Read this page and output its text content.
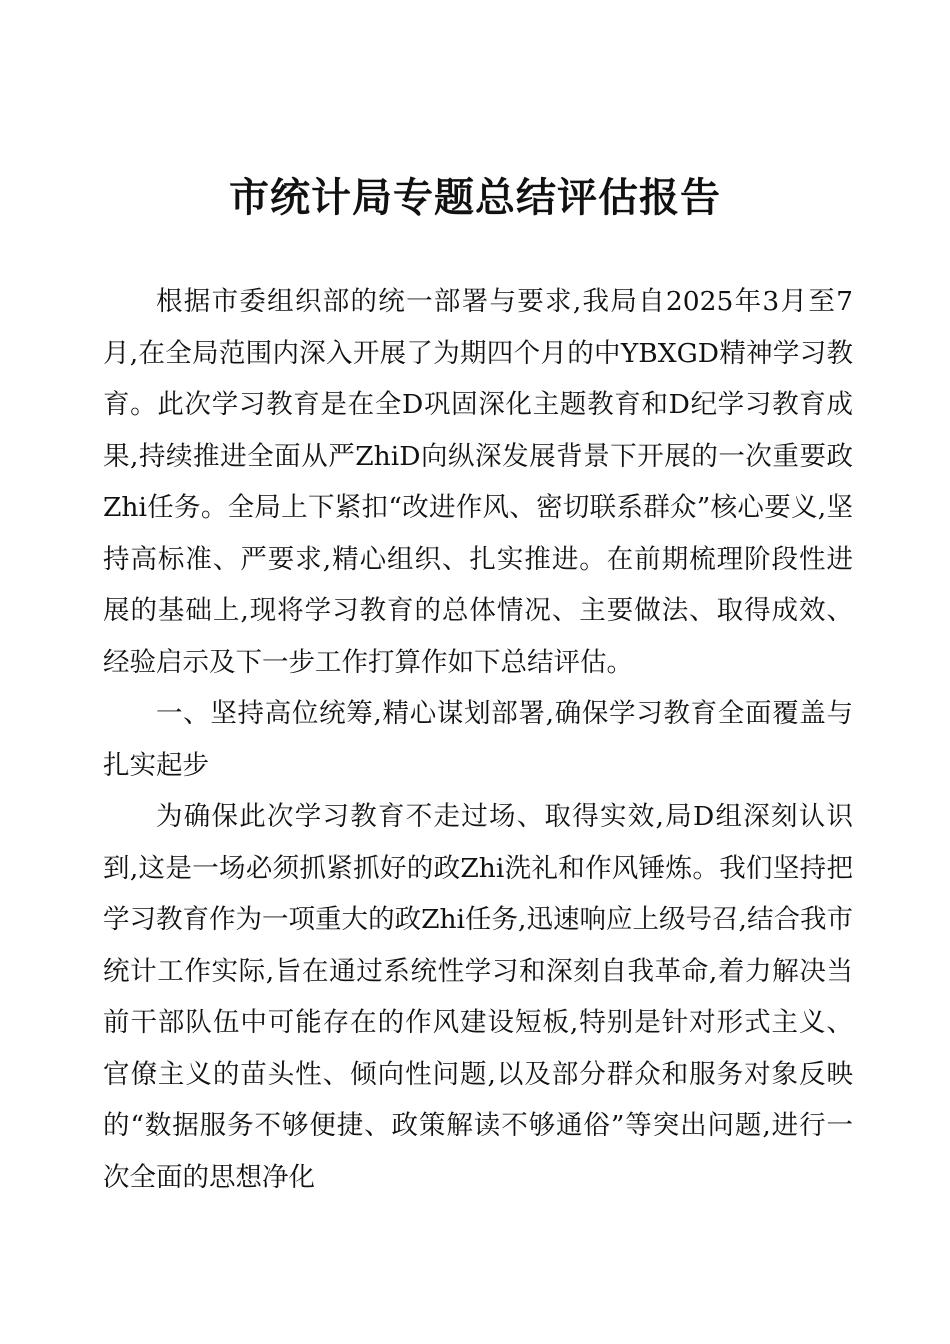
市统计局专题总结评估报告

根据市委组织部的统一部署与要求,我局自2025年3月至7月,在全局范围内深入开展了为期四个月的中YBXGD精神学习教育。此次学习教育是在全D巩固深化主题教育和D纪学习教育成果,持续推进全面从严ZhiD向纵深发展背景下开展的一次重要政Zhi任务。全局上下紧扣“改进作风、密切联系群众”核心要义,坚持高标准、严要求,精心组织、扎实推进。在前期梳理阶段性进展的基础上,现将学习教育的总体情况、主要做法、取得成效、经验启示及下一步工作打算作如下总结评估。

一、坚持高位统筹,精心谋划部署,确保学习教育全面覆盖与扎实起步

为确保此次学习教育不走过场、取得实效,局D组深刻认识到,这是一场必须抓紧抓好的政Zhi洗礼和作风锤炼。我们坚持把学习教育作为一项重大的政Zhi任务,迅速响应上级号召,结合我市统计工作实际,旨在通过系统性学习和深刻自我革命,着力解决当前干部队伍中可能存在的作风建设短板,特别是针对形式主义、官僚主义的苗头性、倾向性问题,以及部分群众和服务对象反映的“数据服务不够便捷、政策解读不够通俗”等突出问题,进行一次全面的思想净化
